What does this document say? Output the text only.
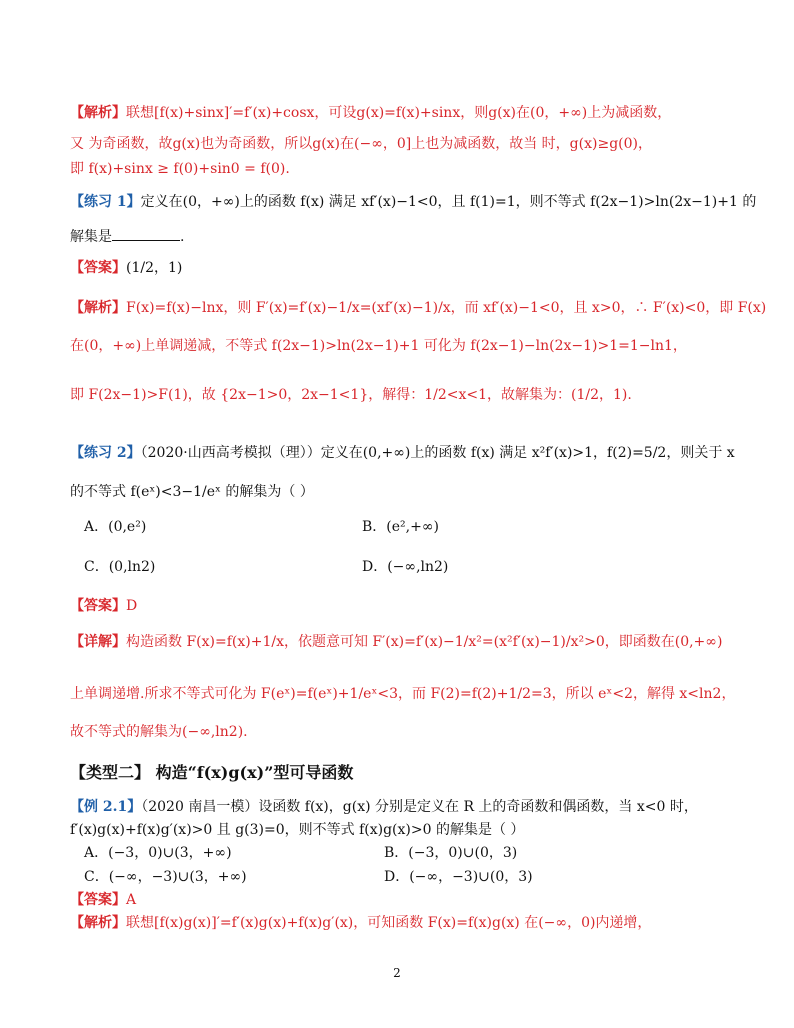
【解析】联想[f(x)+sinx]′=f′(x)+cosx，可设g(x)=f(x)+sinx，则g(x)在(0，+∞)上为减函数，
又 为奇函数，故g(x)也为奇函数，所以g(x)在(−∞，0]上也为减函数，故当 时，g(x)≥g(0)，
即 f(x)+sinx ≥ f(0)+sin0 = f(0).
【练习 1】定义在(0，+∞)上的函数 f(x) 满足 xf′(x)−1<0，且 f(1)=1，则不等式 f(2x−1)>ln(2x−1)+1 的
解集是	.
【答案】(1/2，1)
【解析】F(x)=f(x)−lnx，则 F′(x)=f′(x)−1/x=(xf′(x)−1)/x，而 xf′(x)−1<0，且 x>0，∴ F′(x)<0，即 F(x)
在(0，+∞)上单调递减，不等式 f(2x−1)>ln(2x−1)+1 可化为 f(2x−1)−ln(2x−1)>1=1−ln1，
即 F(2x−1)>F(1)，故 {2x−1>0，2x−1<1}，解得：1/2<x<1，故解集为：(1/2，1).
【练习 2】（2020·山西高考模拟（理））定义在(0,+∞)上的函数 f(x) 满足 x²f′(x)>1，f(2)=5/2，则关于 x
的不等式 f(eˣ)<3−1/eˣ 的解集为（ ）
A．(0,e²)	B．(e²,+∞)
C．(0,ln2)	D．(−∞,ln2)
【答案】D
【详解】构造函数 F(x)=f(x)+1/x，依题意可知 F′(x)=f′(x)−1/x²=(x²f′(x)−1)/x²>0，即函数在(0,+∞)
上单调递增.所求不等式可化为 F(eˣ)=f(eˣ)+1/eˣ<3，而 F(2)=f(2)+1/2=3，所以 eˣ<2，解得 x<ln2，
故不等式的解集为(−∞,ln2).
【类型二】 构造“f(x)g(x)”型可导函数
【例 2.1】（2020 南昌一模）设函数 f(x)，g(x) 分别是定义在 R 上的奇函数和偶函数，当 x<0 时，
f′(x)g(x)+f(x)g′(x)>0 且 g(3)=0，则不等式 f(x)g(x)>0 的解集是（ ）
A．(−3，0)∪(3，+∞)	B．(−3，0)∪(0，3)
C．(−∞，−3)∪(3，+∞)	D．(−∞，−3)∪(0，3)
【答案】A
【解析】联想[f(x)g(x)]′=f′(x)g(x)+f(x)g′(x)，可知函数 F(x)=f(x)g(x) 在(−∞，0)内递增，
2
